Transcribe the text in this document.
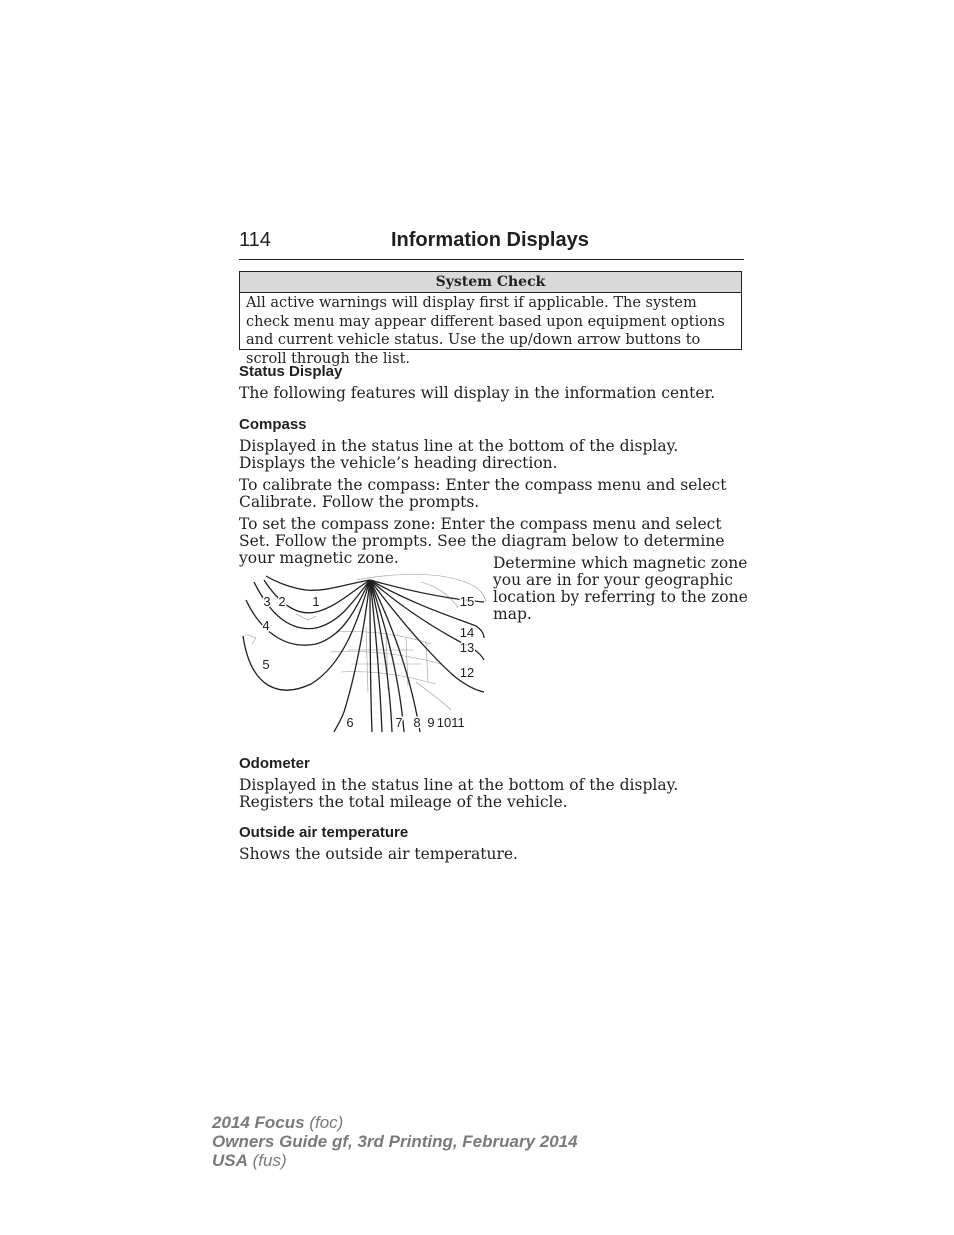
114	Information Displays
System Check
All active warnings will display first if applicable. The system check menu may appear different based upon equipment options and current vehicle status. Use the up/down arrow buttons to scroll through the list.
Status Display
The following features will display in the information center.
Compass
Displayed in the status line at the bottom of the display. Displays the vehicle’s heading direction.
To calibrate the compass: Enter the compass menu and select Calibrate. Follow the prompts.
To set the compass zone: Enter the compass menu and select Set. Follow the prompts. See the diagram below to determine your magnetic zone.
1
2
3
4
5
6	7 8 9 10 11
12
13
14
15
Determine which magnetic zone you are in for your geographic location by referring to the zone map.
Odometer
Displayed in the status line at the bottom of the display. Registers the total mileage of the vehicle.
Outside air temperature
Shows the outside air temperature.
2014 Focus (foc)
Owners Guide gf, 3rd Printing, February 2014
USA (fus)
